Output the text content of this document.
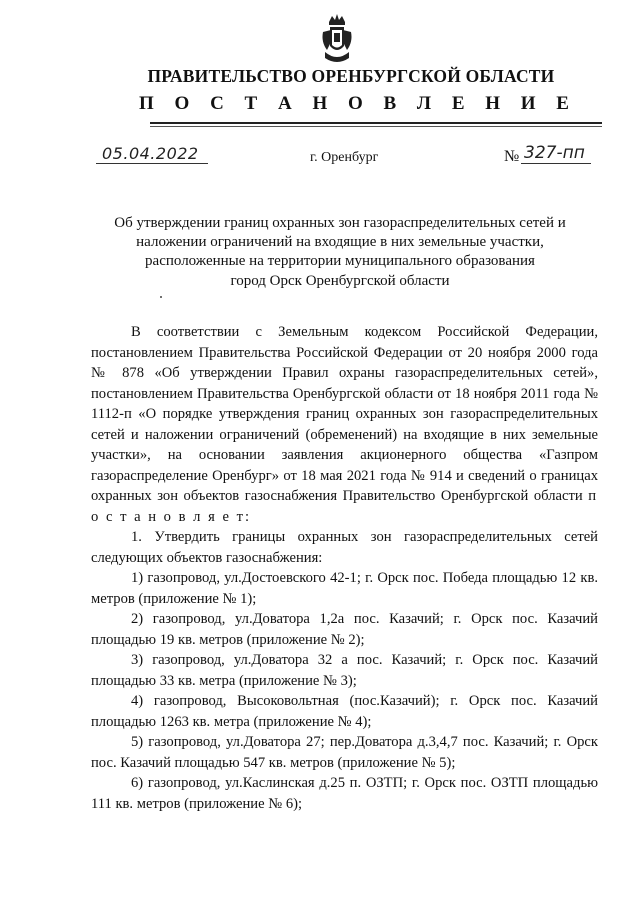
ПРАВИТЕЛЬСТВО ОРЕНБУРГСКОЙ ОБЛАСТИ
П О С Т А Н О В Л Е Н И Е
05.04.2022	г. Оренбург	№ 327-пп
Об утверждении границ охранных зон газораспределительных сетей и
наложении ограничений на входящие в них земельные участки,
расположенные на территории муниципального образования
город Орск Оренбургской области

В соответствии с Земельным кодексом Российской Федерации, постановлением Правительства Российской Федерации от 20 ноября 2000 года № 878 «Об утверждении Правил охраны газораспределительных сетей», постановлением Правительства Оренбургской области от 18 ноября 2011 года № 1112-п «О порядке утверждения границ охранных зон газораспределительных сетей и наложении ограничений (обременений) на входящие в них земельные участки», на основании заявления акционерного общества «Газпром газораспределение Оренбург» от 18 мая 2021 года № 914 и сведений о границах охранных зон объектов газоснабжения Правительство Оренбургской области п о с т а н о в л я е т:

1. Утвердить границы охранных зон газораспределительных сетей следующих объектов газоснабжения:

1) газопровод, ул.Достоевского 42-1; г. Орск пос. Победа площадью 12 кв. метров (приложение № 1);

2) газопровод, ул.Доватора 1,2а пос. Казачий; г. Орск пос. Казачий площадью 19 кв. метров (приложение № 2);

3) газопровод, ул.Доватора 32 а пос. Казачий; г. Орск пос. Казачий площадью 33 кв. метра (приложение № 3);

4) газопровод, Высоковольтная (пос.Казачий); г. Орск пос. Казачий площадью 1263 кв. метра (приложение № 4);

5) газопровод, ул.Доватора 27; пер.Доватора д.3,4,7 пос. Казачий; г. Орск пос. Казачий площадью 547 кв. метров (приложение № 5);

6) газопровод, ул.Каслинская д.25 п. ОЗТП; г. Орск пос. ОЗТП площадью 111 кв. метров (приложение № 6);
